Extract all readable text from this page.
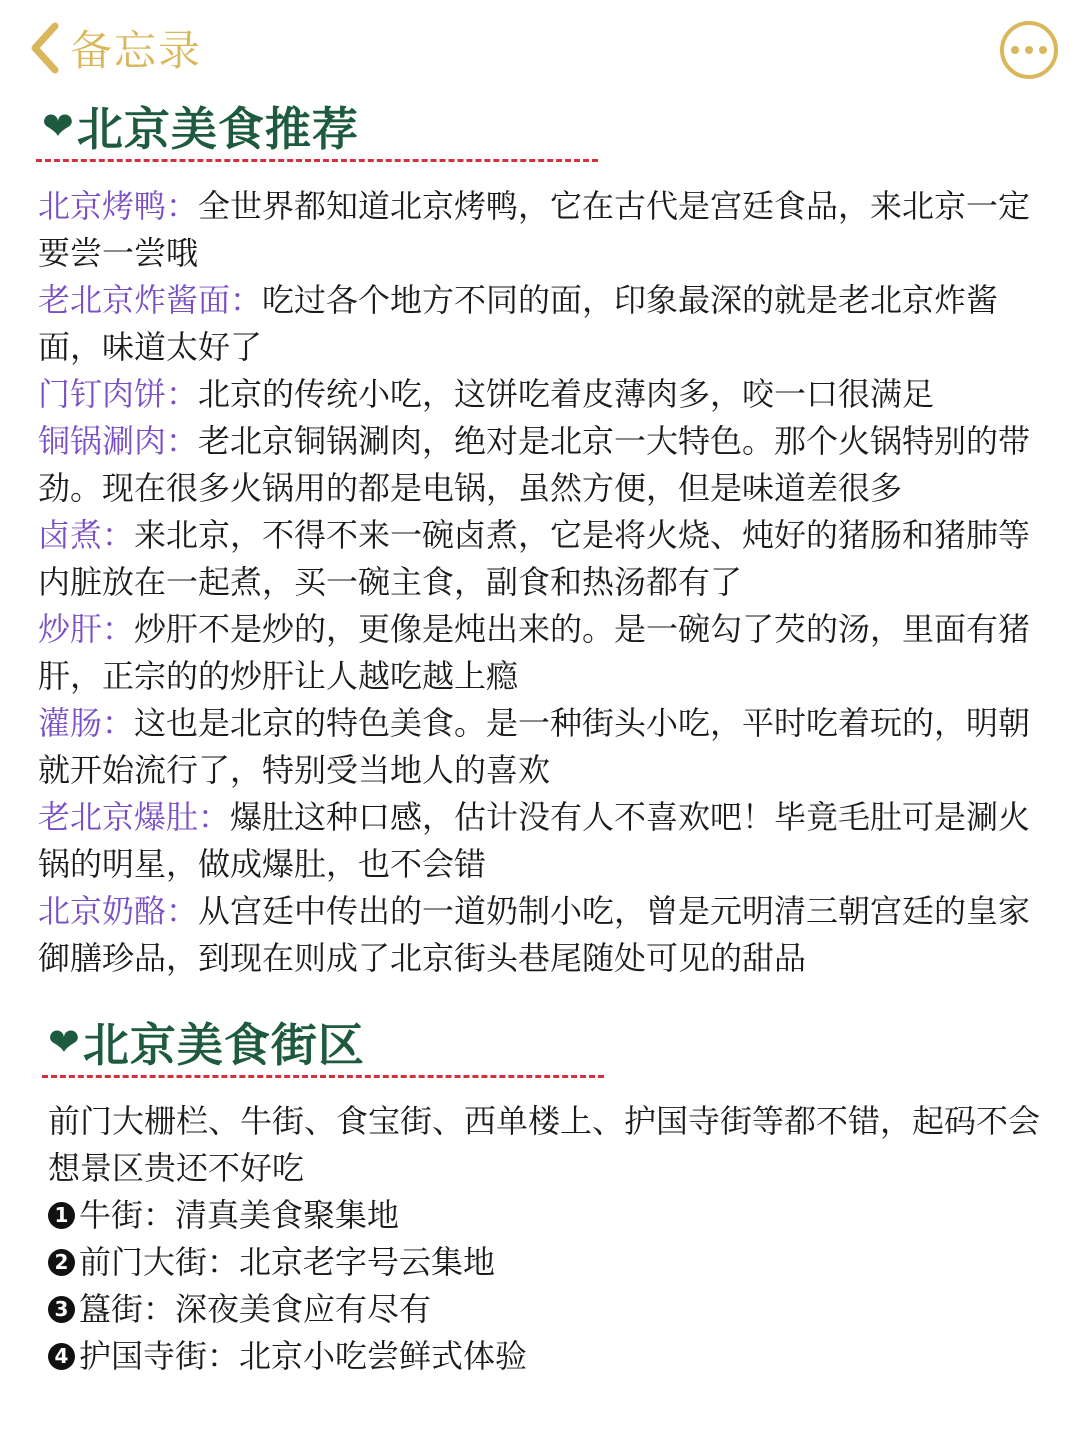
备忘录
❤ 北京美食推荐
北京烤鸭：全世界都知道北京烤鸭，它在古代是宫廷食品，来北京一定要尝一尝哦
老北京炸酱面：吃过各个地方不同的面，印象最深的就是老北京炸酱面，味道太好了
门钉肉饼：北京的传统小吃，这饼吃着皮薄肉多，咬一口很满足
铜锅涮肉：老北京铜锅涮肉，绝对是北京一大特色。那个火锅特别的带劲。现在很多火锅用的都是电锅，虽然方便，但是味道差很多
卤煮：来北京，不得不来一碗卤煮，它是将火烧、炖好的猪肠和猪肺等内脏放在一起煮，买一碗主食，副食和热汤都有了
炒肝：炒肝不是炒的，更像是炖出来的。是一碗勾了芡的汤，里面有猪肝，正宗的的炒肝让人越吃越上瘾
灌肠：这也是北京的特色美食。是一种街头小吃，平时吃着玩的，明朝就开始流行了，特别受当地人的喜欢
老北京爆肚：爆肚这种口感，估计没有人不喜欢吧！毕竟毛肚可是涮火锅的明星，做成爆肚，也不会错
北京奶酪：从宫廷中传出的一道奶制小吃，曾是元明清三朝宫廷的皇家御膳珍品，到现在则成了北京街头巷尾随处可见的甜品
❤ 北京美食街区

前门大栅栏、牛街、食宝街、西单楼上、护国寺街等都不错，起码不会想景区贵还不好吃

1 牛街：清真美食聚集地
2 前门大街：北京老字号云集地
3 簋街：深夜美食应有尽有
4 护国寺街：北京小吃尝鲜式体验
